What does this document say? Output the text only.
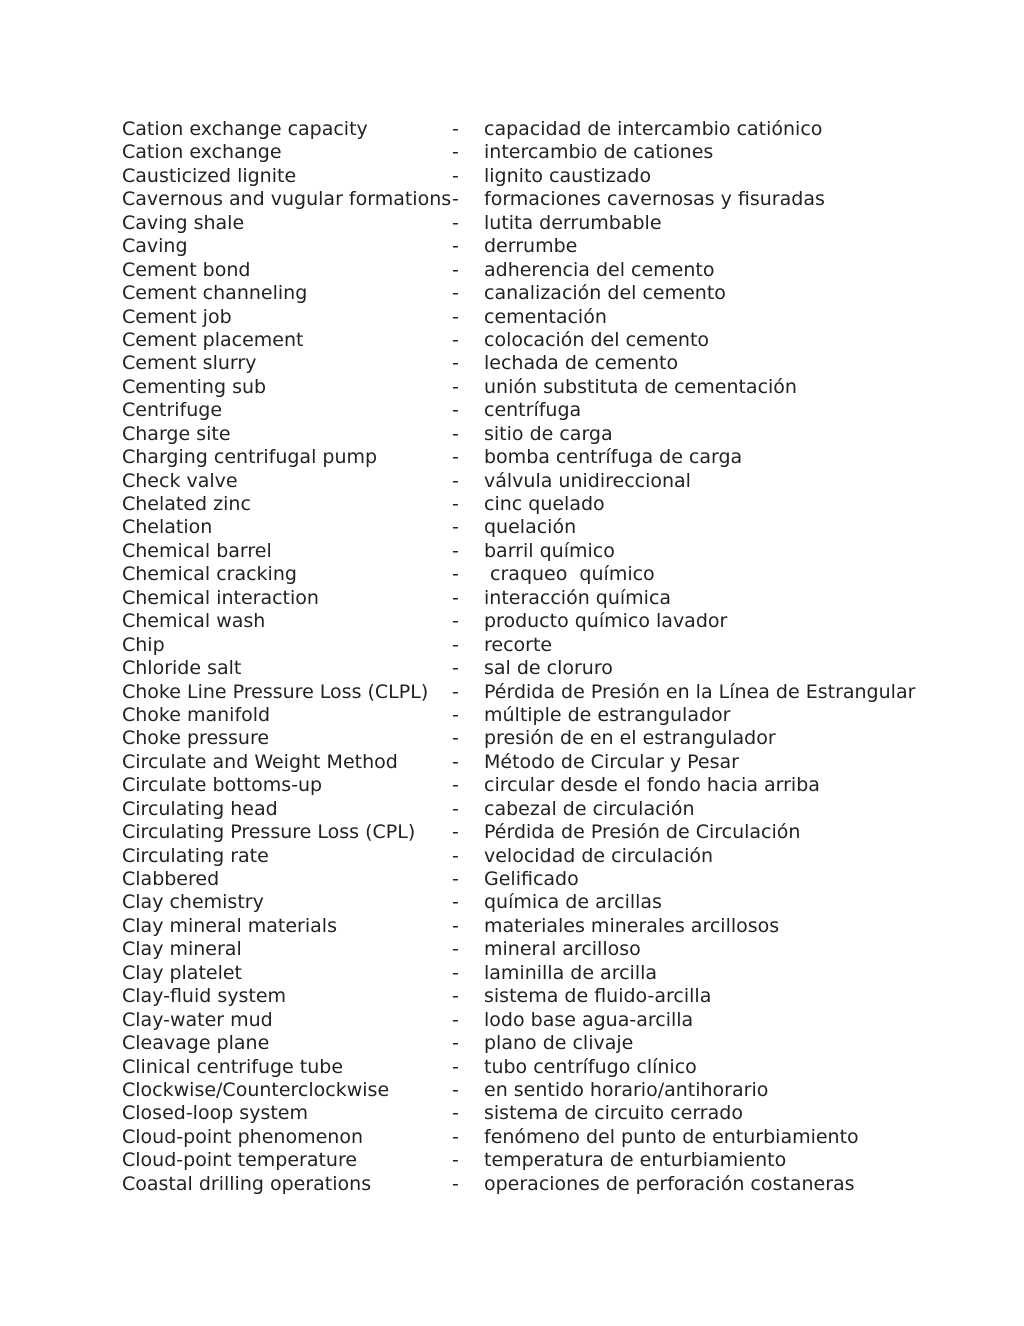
Cation exchange capacity	- capacidad de intercambio catiónico
Cation exchange	- intercambio de cationes
Causticized lignite	- lignito caustizado
Cavernous and vugular formations - formaciones cavernosas y fisuradas
Caving shale	- lutita derrumbable
Caving	- derrumbe
Cement bond	- adherencia del cemento
Cement channeling	- canalización del cemento
Cement job	- cementación
Cement placement	- colocación del cemento
Cement slurry	- lechada de cemento
Cementing sub	- unión substituta de cementación
Centrifuge	- centrífuga
Charge site	- sitio de carga
Charging centrifugal pump	- bomba centrífuga de carga
Check valve	- válvula unidireccional
Chelated zinc	- cinc quelado
Chelation	- quelación
Chemical barrel	- barril químico
Chemical cracking	- craqueo  químico
Chemical interaction	- interacción química
Chemical wash	- producto químico lavador
Chip	- recorte
Chloride salt	- sal de cloruro
Choke Line Pressure Loss (CLPL) - Pérdida de Presión en la Línea de Estrangular
Choke manifold	- múltiple de estrangulador
Choke pressure	- presión de en el estrangulador
Circulate and Weight Method	- Método de Circular y Pesar
Circulate bottoms-up	- circular desde el fondo hacia arriba
Circulating head	- cabezal de circulación
Circulating Pressure Loss (CPL) - Pérdida de Presión de Circulación
Circulating rate	- velocidad de circulación
Clabbered	- Gelificado
Clay chemistry	- química de arcillas
Clay mineral materials	- materiales minerales arcillosos
Clay mineral	- mineral arcilloso
Clay platelet	- laminilla de arcilla
Clay-fluid system	- sistema de fluido-arcilla
Clay-water mud	- lodo base agua-arcilla
Cleavage plane	- plano de clivaje
Clinical centrifuge tube	- tubo centrífugo clínico
Clockwise/Counterclockwise	- en sentido horario/antihorario
Closed-loop system	- sistema de circuito cerrado
Cloud-point phenomenon	- fenómeno del punto de enturbiamiento
Cloud-point temperature	- temperatura de enturbiamiento
Coastal drilling operations	- operaciones de perforación costaneras
